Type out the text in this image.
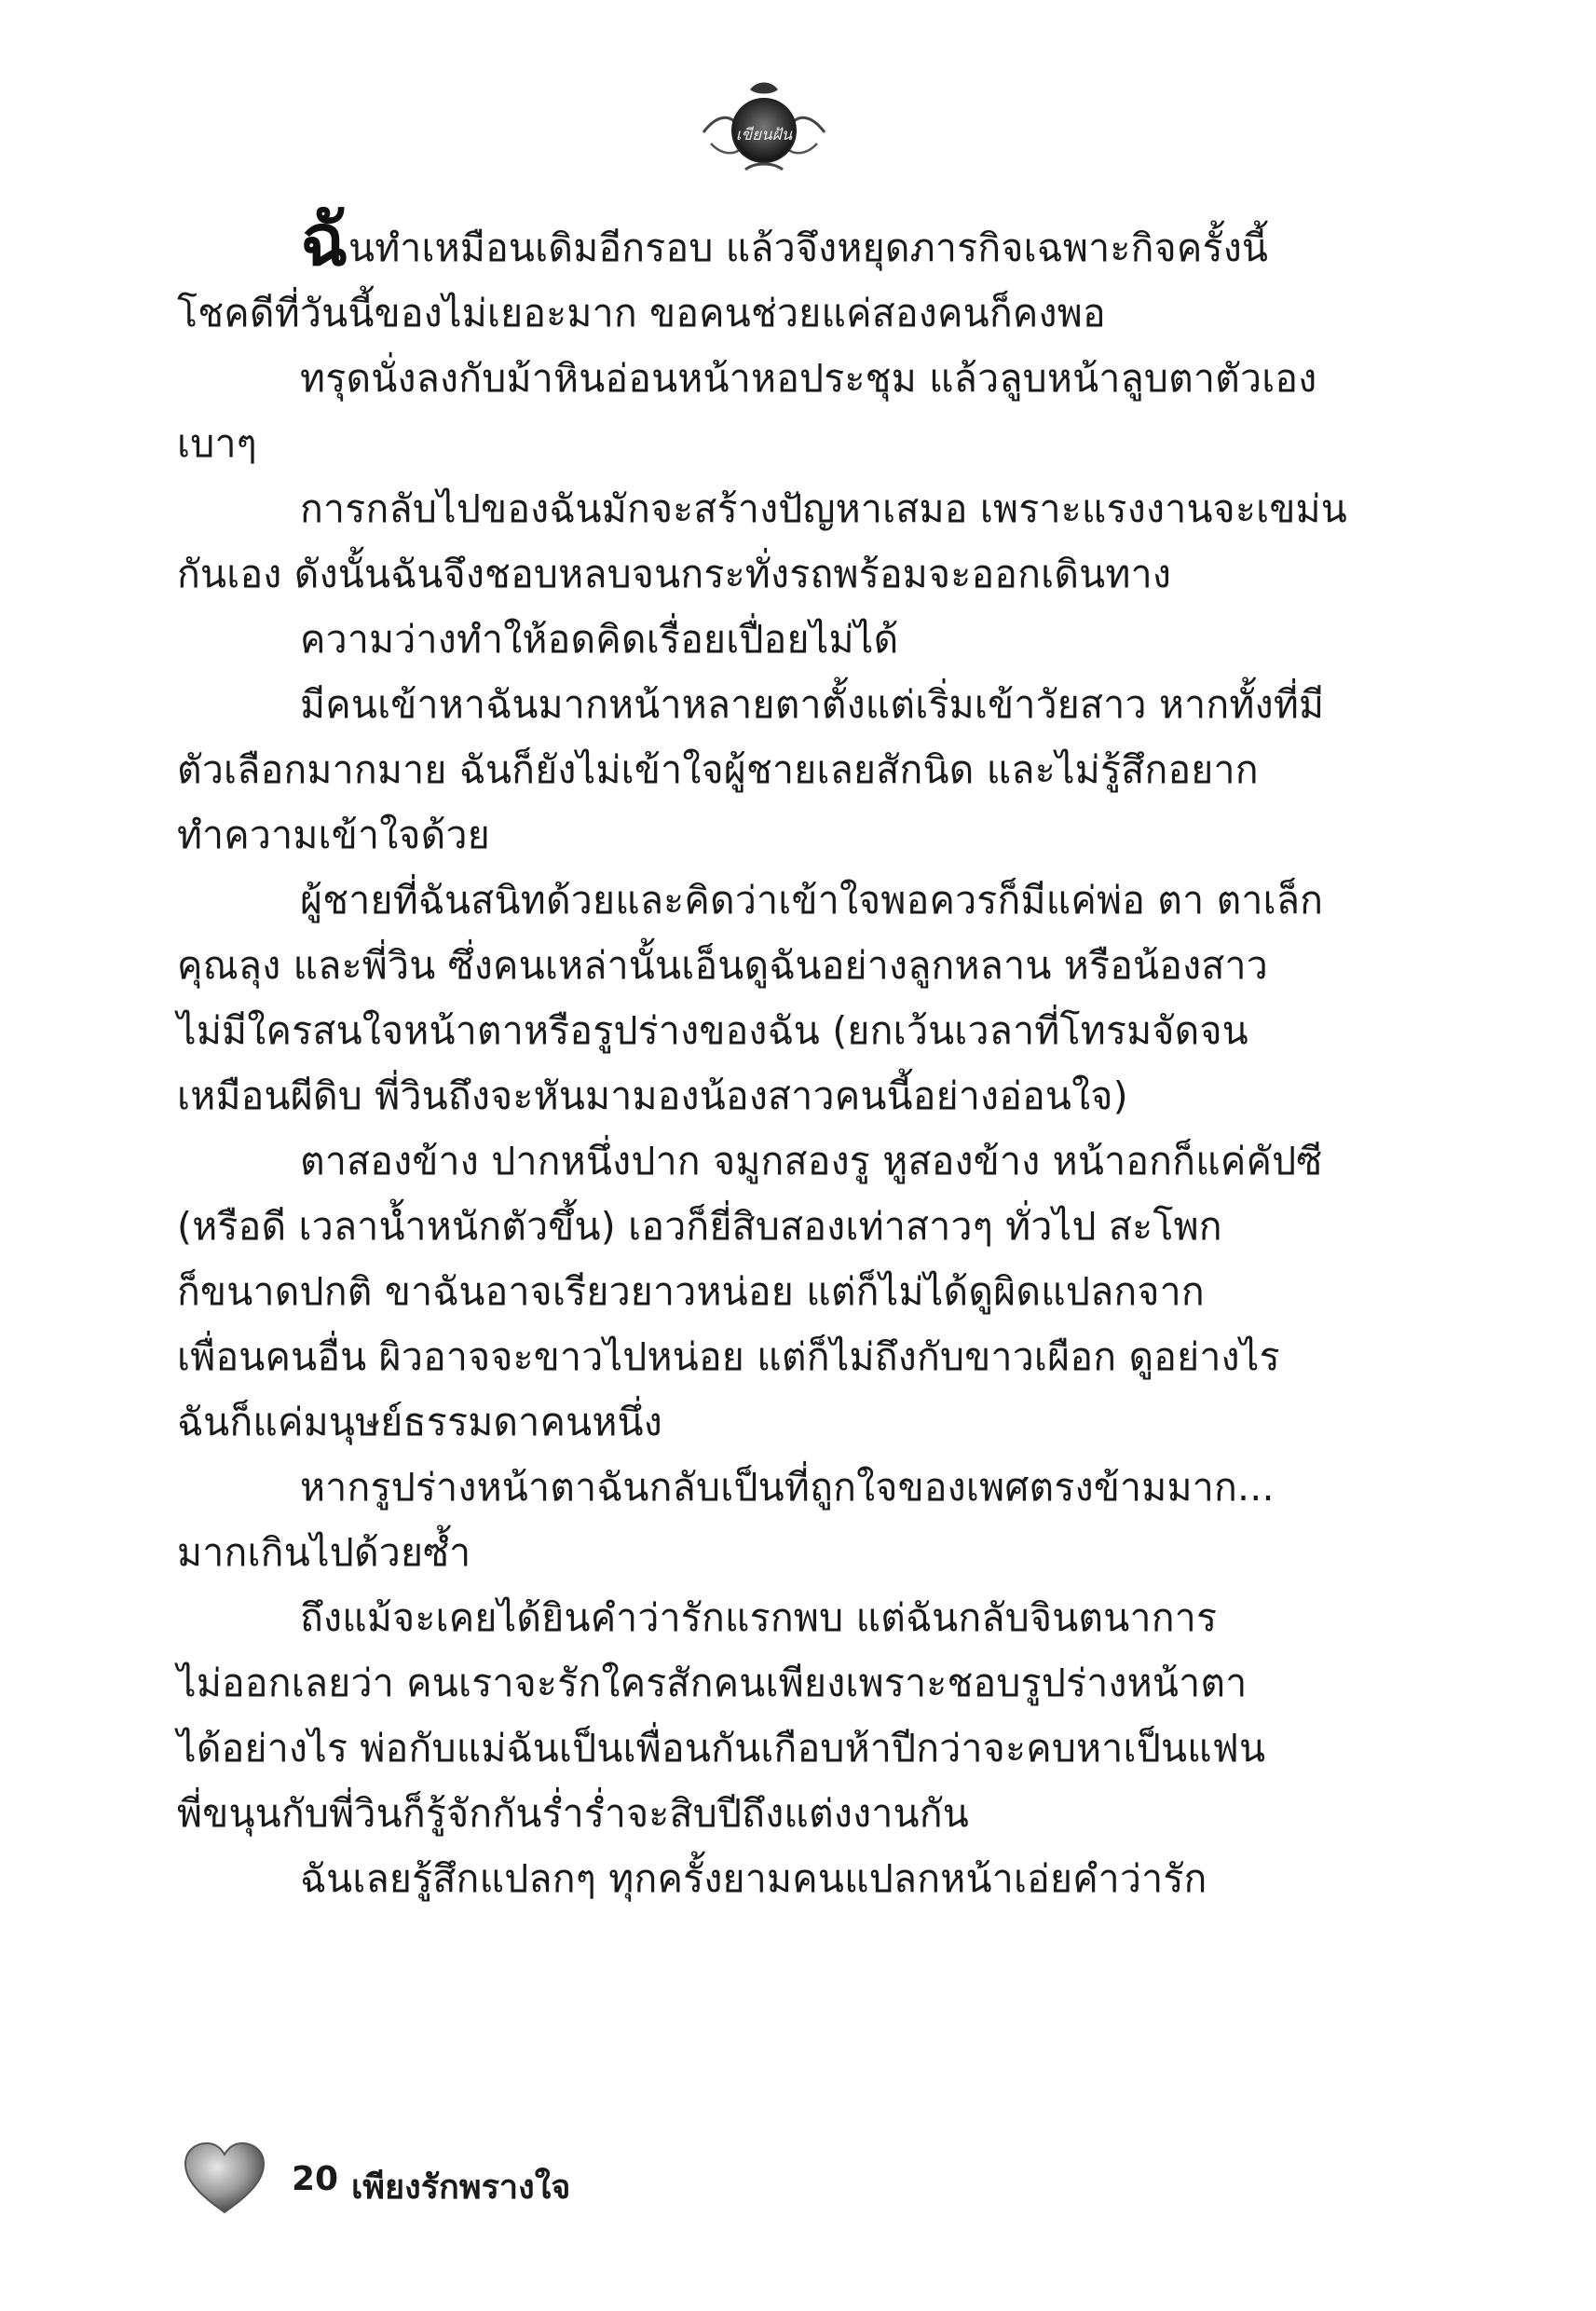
เขียนฝัน

ฉันทำเหมือนเดิมอีกรอบ แล้วจึงหยุดภารกิจเฉพาะกิจครั้งนี้
โชคดีที่วันนี้ของไม่เยอะมาก ขอคนช่วยแค่สองคนก็คงพอ

ทรุดนั่งลงกับม้าหินอ่อนหน้าหอประชุม แล้วลูบหน้าลูบตาตัวเอง
เบาๆ

การกลับไปของฉันมักจะสร้างปัญหาเสมอ เพราะแรงงานจะเขม่น
กันเอง ดังนั้นฉันจึงชอบหลบจนกระทั่งรถพร้อมจะออกเดินทาง

ความว่างทำให้อดคิดเรื่อยเปื่อยไม่ได้

มีคนเข้าหาฉันมากหน้าหลายตาตั้งแต่เริ่มเข้าวัยสาว หากทั้งที่มี
ตัวเลือกมากมาย ฉันก็ยังไม่เข้าใจผู้ชายเลยสักนิด และไม่รู้สึกอยาก
ทำความเข้าใจด้วย

ผู้ชายที่ฉันสนิทด้วยและคิดว่าเข้าใจพอควรก็มีแค่พ่อ ตา ตาเล็ก
คุณลุง และพี่วิน ซึ่งคนเหล่านั้นเอ็นดูฉันอย่างลูกหลาน หรือน้องสาว
ไม่มีใครสนใจหน้าตาหรือรูปร่างของฉัน (ยกเว้นเวลาที่โทรมจัดจน
เหมือนผีดิบ พี่วินถึงจะหันมามองน้องสาวคนนี้อย่างอ่อนใจ)

ตาสองข้าง ปากหนึ่งปาก จมูกสองรู หูสองข้าง หน้าอกก็แค่คัปซี
(หรือดี เวลาน้ำหนักตัวขึ้น) เอวก็ยี่สิบสองเท่าสาวๆ ทั่วไป สะโพก
ก็ขนาดปกติ ขาฉันอาจเรียวยาวหน่อย แต่ก็ไม่ได้ดูผิดแปลกจาก
เพื่อนคนอื่น ผิวอาจจะขาวไปหน่อย แต่ก็ไม่ถึงกับขาวเผือก ดูอย่างไร
ฉันก็แค่มนุษย์ธรรมดาคนหนึ่ง

หากรูปร่างหน้าตาฉันกลับเป็นที่ถูกใจของเพศตรงข้ามมาก...
มากเกินไปด้วยซ้ำ

ถึงแม้จะเคยได้ยินคำว่ารักแรกพบ แต่ฉันกลับจินตนาการ
ไม่ออกเลยว่า คนเราจะรักใครสักคนเพียงเพราะชอบรูปร่างหน้าตา
ได้อย่างไร พ่อกับแม่ฉันเป็นเพื่อนกันเกือบห้าปีกว่าจะคบหาเป็นแฟน
พี่ขนุนกับพี่วินก็รู้จักกันร่ำร่ำจะสิบปีถึงแต่งงานกัน

ฉันเลยรู้สึกแปลกๆ ทุกครั้งยามคนแปลกหน้าเอ่ยคำว่ารัก

20 เพียงรักพรางใจ
